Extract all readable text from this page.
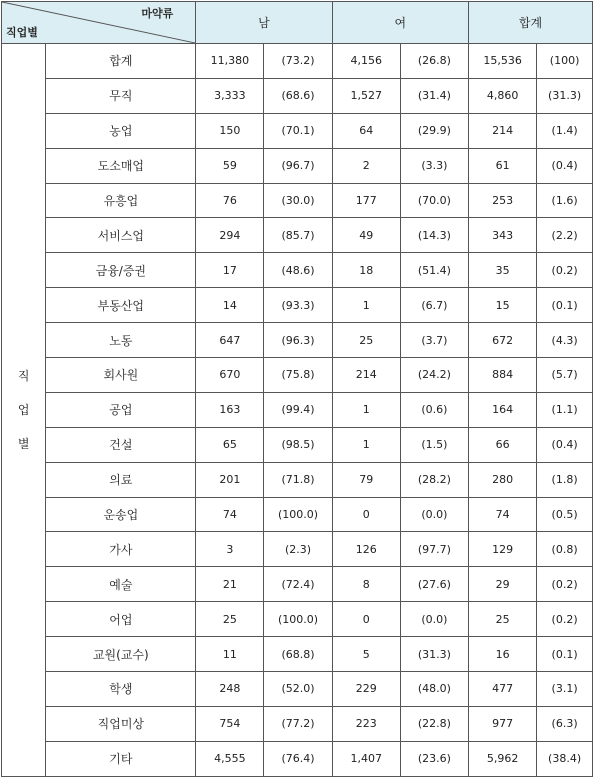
마약류
직업별		남		여		합계	

직
업
별	합계	11,380	(73.2)	4,156	(26.8)	15,536	(100)
	무직	3,333	(68.6)	1,527	(31.4)	4,860	(31.3)
	농업	150	(70.1)	64	(29.9)	214	(1.4)
	도소매업	59	(96.7)	2	(3.3)	61	(0.4)
	유흥업	76	(30.0)	177	(70.0)	253	(1.6)
	서비스업	294	(85.7)	49	(14.3)	343	(2.2)
	금융/증권	17	(48.6)	18	(51.4)	35	(0.2)
	부동산업	14	(93.3)	1	(6.7)	15	(0.1)
	노동	647	(96.3)	25	(3.7)	672	(4.3)
	회사원	670	(75.8)	214	(24.2)	884	(5.7)
	공업	163	(99.4)	1	(0.6)	164	(1.1)
	건설	65	(98.5)	1	(1.5)	66	(0.4)
	의료	201	(71.8)	79	(28.2)	280	(1.8)
	운송업	74	(100.0)	0	(0.0)	74	(0.5)
	가사	3	(2.3)	126	(97.7)	129	(0.8)
	예술	21	(72.4)	8	(27.6)	29	(0.2)
	어업	25	(100.0)	0	(0.0)	25	(0.2)
	교원(교수)	11	(68.8)	5	(31.3)	16	(0.1)
	학생	248	(52.0)	229	(48.0)	477	(3.1)
	직업미상	754	(77.2)	223	(22.8)	977	(6.3)
	기타	4,555	(76.4)	1,407	(23.6)	5,962	(38.4)
